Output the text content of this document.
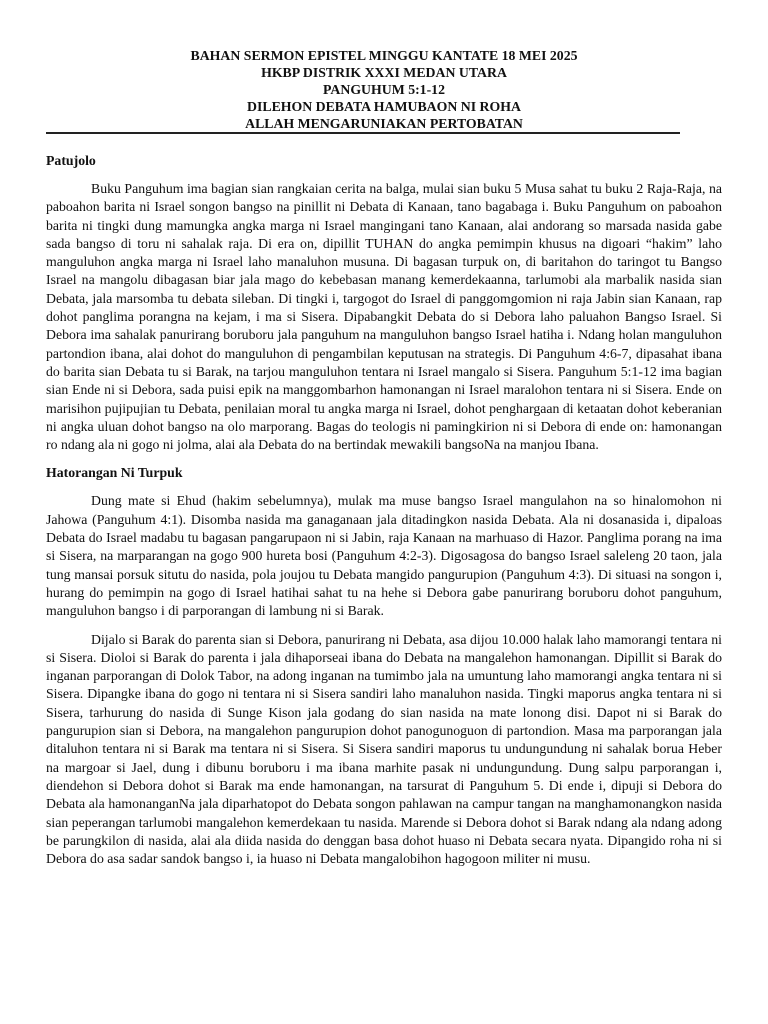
BAHAN SERMON EPISTEL MINGGU KANTATE 18 MEI 2025
HKBP DISTRIK XXXI MEDAN UTARA
PANGUHUM 5:1-12
DILEHON DEBATA HAMUBAON NI ROHA
ALLAH MENGARUNIAKAN PERTOBATAN
Patujolo

Buku Panguhum ima bagian sian rangkaian cerita na balga, mulai sian buku 5 Musa sahat tu buku 2 Raja-Raja, na paboahon barita ni Israel songon bangso na pinillit ni Debata di Kanaan, tano bagabaga i. Buku Panguhum on paboahon barita ni tingki dung mamungka angka marga ni Israel mangingani tano Kanaan, alai andorang so marsada nasida gabe sada bangso di toru ni sahalak raja. Di era on, dipillit TUHAN do angka pemimpin khusus na digoari “hakim” laho manguluhon angka marga ni Israel laho manaluhon musuna. Di bagasan turpuk on, di baritahon do taringot tu Bangso Israel na mangolu dibagasan biar jala mago do kebebasan manang kemerdekaanna, tarlumobi ala marbalik nasida sian Debata, jala marsomba tu debata sileban. Di tingki i, targogot do Israel di panggomgomion ni raja Jabin sian Kanaan, rap dohot panglima porangna na kejam, i ma si Sisera. Dipabangkit Debata do si Debora laho paluahon Bangso Israel. Si Debora ima sahalak panurirang boruboru jala panguhum na manguluhon bangso Israel hatiha i. Ndang holan manguluhon partondion ibana, alai dohot do manguluhon di pengambilan keputusan na strategis. Di Panguhum 4:6-7, dipasahat ibana do barita sian Debata tu si Barak, na tarjou manguluhon tentara ni Israel mangalo si Sisera. Panguhum 5:1-12 ima bagian sian Ende ni si Debora, sada puisi epik na manggombarhon hamonangan ni Israel maralohon tentara ni si Sisera. Ende on marisihon pujipujian tu Debata, penilaian moral tu angka marga ni Israel, dohot penghargaan di ketaatan dohot keberanian ni angka uluan dohot bangso na olo marporang. Bagas do teologis ni pamingkirion ni si Debora di ende on: hamonangan ro ndang ala ni gogo ni jolma, alai ala Debata do na bertindak mewakili bangsoNa na manjou Ibana.

Hatorangan Ni Turpuk

Dung mate si Ehud (hakim sebelumnya), mulak ma muse bangso Israel mangulahon na so hinalomohon ni Jahowa (Panguhum 4:1). Disomba nasida ma ganaganaan jala ditadingkon nasida Debata. Ala ni dosanasida i, dipaloas Debata do Israel madabu tu bagasan pangarupaon ni si Jabin, raja Kanaan na marhuaso di Hazor. Panglima porang na ima si Sisera, na marparangan na gogo 900 hureta bosi (Panguhum 4:2-3). Digosagosa do bangso Israel saleleng 20 taon, jala tung mansai porsuk situtu do nasida, pola joujou tu Debata mangido pangurupion (Panguhum 4:3). Di situasi na songon i, hurang do pemimpin na gogo di Israel hatihai sahat tu na hehe si Debora gabe panurirang boruboru dohot panguhum, manguluhon bangso i di parporangan di lambung ni si Barak.

Dijalo si Barak do parenta sian si Debora, panurirang ni Debata, asa dijou 10.000 halak laho mamorangi tentara ni si Sisera. Dioloi si Barak do parenta i jala dihaporseai ibana do Debata na mangalehon hamonangan. Dipillit si Barak do inganan parporangan di Dolok Tabor, na adong inganan na tumimbo jala na umuntung laho mamorangi angka tentara ni si Sisera. Dipangke ibana do gogo ni tentara ni si Sisera sandiri laho manaluhon nasida. Tingki maporus angka tentara ni si Sisera, tarhurung do nasida di Sunge Kison jala godang do sian nasida na mate lonong disi. Dapot ni si Barak do pangurupion sian si Debora, na mangalehon pangurupion dohot panogunoguon di partondion. Masa ma parporangan jala ditaluhon tentara ni si Barak ma tentara ni si Sisera. Si Sisera sandiri maporus tu undungundung ni sahalak borua Heber na margoar si Jael, dung i dibunu boruboru i ma ibana marhite pasak ni undungundung. Dung salpu parporangan i, diendehon si Debora dohot si Barak ma ende hamonangan, na tarsurat di Panguhum 5. Di ende i, dipuji si Debora do Debata ala hamonanganNa jala diparhatopot do Debata songon pahlawan na campur tangan na manghamonangkon nasida sian peperangan tarlumobi mangalehon kemerdekaan tu nasida. Marende si Debora dohot si Barak ndang ala ndang adong be parungkilon di nasida, alai ala diida nasida do denggan basa dohot huaso ni Debata secara nyata. Dipangido roha ni si Debora do asa sadar sandok bangso i, ia huaso ni Debata mangalobihon hagogoon militer ni musu.
